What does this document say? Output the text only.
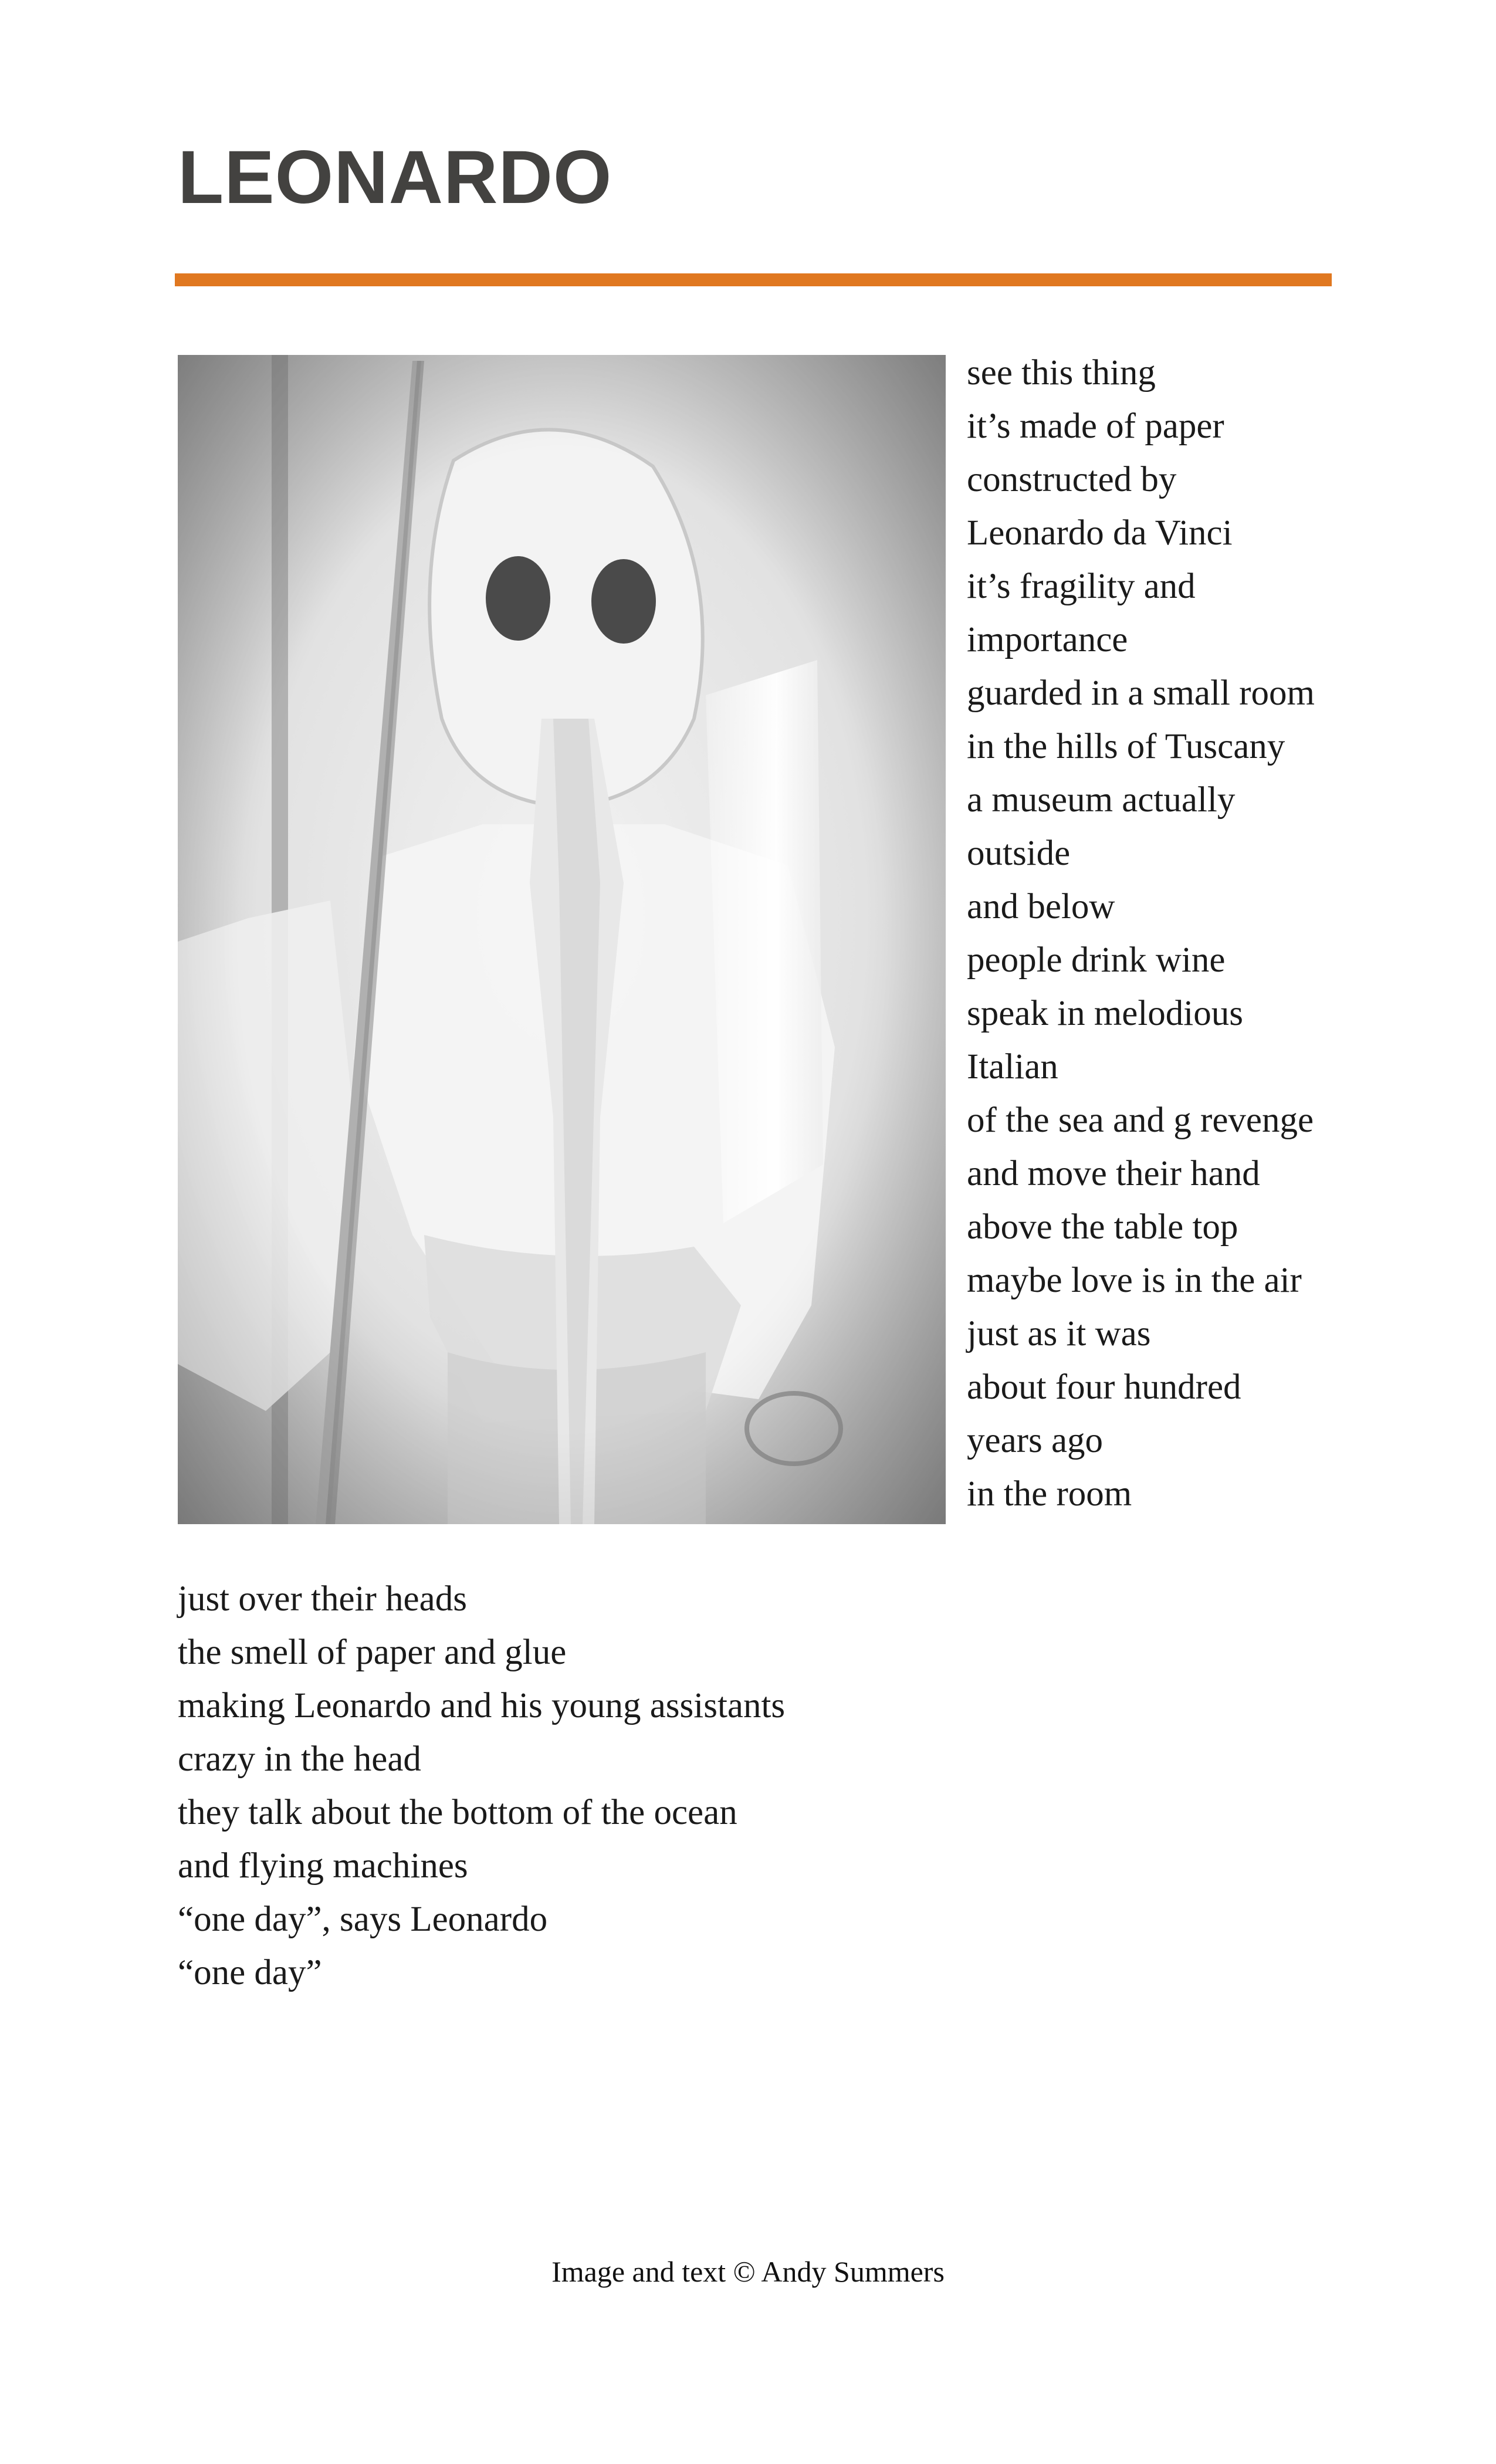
LEONARDO
see this thing
it’s made of paper
constructed by
Leonardo da Vinci
it’s fragility and
importance
guarded in a small room
in the hills of Tuscany
a museum actually
outside
and below
people drink wine
speak in melodious
Italian
of the sea and g revenge
and move their hand
above the table top
maybe love is in the air
just as it was
about four hundred
years ago
in the room
just over their heads
the smell of paper and glue
making Leonardo and his young assistants
crazy in the head
they talk about the bottom of the ocean
and flying machines
“one day”, says Leonardo
“one day”
Image and text © Andy Summers
